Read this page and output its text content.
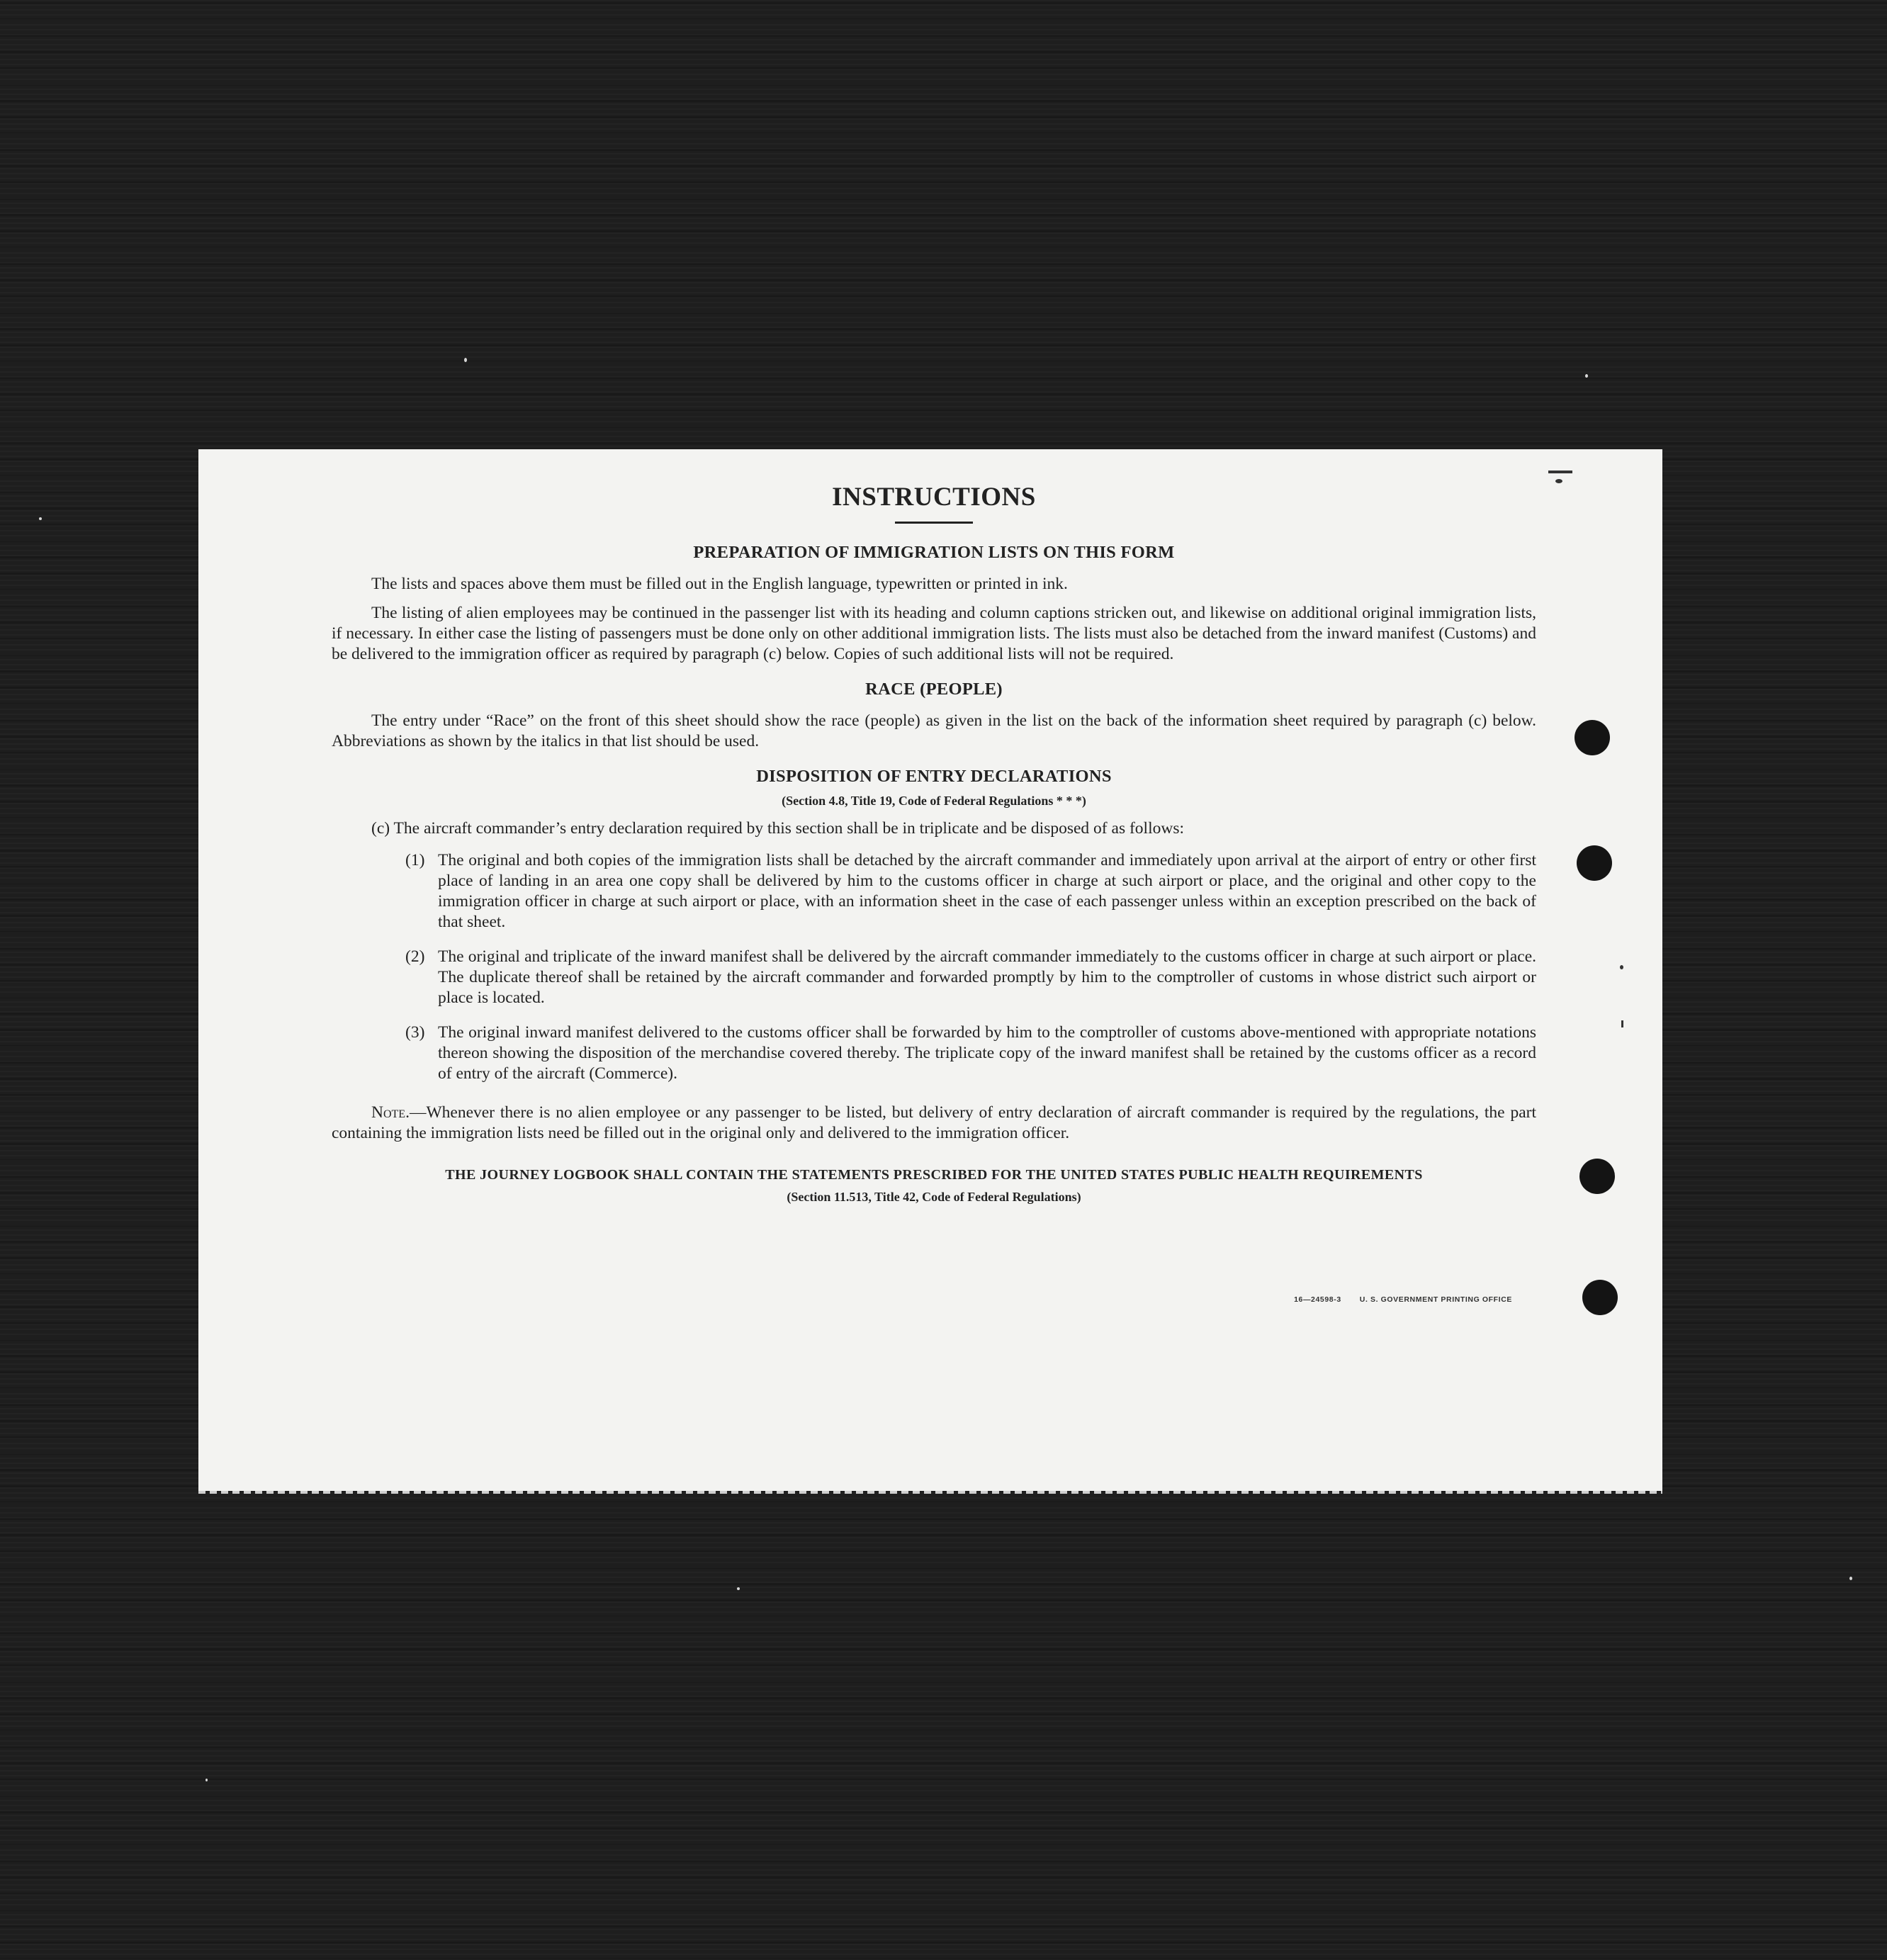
INSTRUCTIONS
PREPARATION OF IMMIGRATION LISTS ON THIS FORM

The lists and spaces above them must be filled out in the English language, typewritten or printed in ink.

The listing of alien employees may be continued in the passenger list with its heading and column captions stricken out, and likewise on additional original immigration lists, if necessary. In either case the listing of passengers must be done only on other additional immigration lists. The lists must also be detached from the inward manifest (Customs) and be delivered to the immigration officer as required by paragraph (c) below. Copies of such additional lists will not be required.

RACE (PEOPLE)

The entry under “Race” on the front of this sheet should show the race (people) as given in the list on the back of the information sheet required by paragraph (c) below. Abbreviations as shown by the italics in that list should be used.

DISPOSITION OF ENTRY DECLARATIONS

(Section 4.8, Title 19, Code of Federal Regulations * * *)

(c) The aircraft commander’s entry declaration required by this section shall be in triplicate and be disposed of as follows:

(1) The original and both copies of the immigration lists shall be detached by the aircraft commander and immediately upon arrival at the airport of entry or other first place of landing in an area one copy shall be delivered by him to the customs officer in charge at such airport or place, and the original and other copy to the immigration officer in charge at such airport or place, with an information sheet in the case of each passenger unless within an exception prescribed on the back of that sheet.

(2) The original and triplicate of the inward manifest shall be delivered by the aircraft commander immediately to the customs officer in charge at such airport or place. The duplicate thereof shall be retained by the aircraft commander and forwarded promptly by him to the comptroller of customs in whose district such airport or place is located.

(3) The original inward manifest delivered to the customs officer shall be forwarded by him to the comptroller of customs above-mentioned with appropriate notations thereon showing the disposition of the merchandise covered thereby. The triplicate copy of the inward manifest shall be retained by the customs officer as a record of entry of the aircraft (Commerce).

Note.—Whenever there is no alien employee or any passenger to be listed, but delivery of entry declaration of aircraft commander is required by the regulations, the part containing the immigration lists need be filled out in the original only and delivered to the immigration officer.

THE JOURNEY LOGBOOK SHALL CONTAIN THE STATEMENTS PRESCRIBED FOR THE UNITED STATES PUBLIC HEALTH REQUIREMENTS
(Section 11.513, Title 42, Code of Federal Regulations)
16—24598-3 U. S. GOVERNMENT PRINTING OFFICE
